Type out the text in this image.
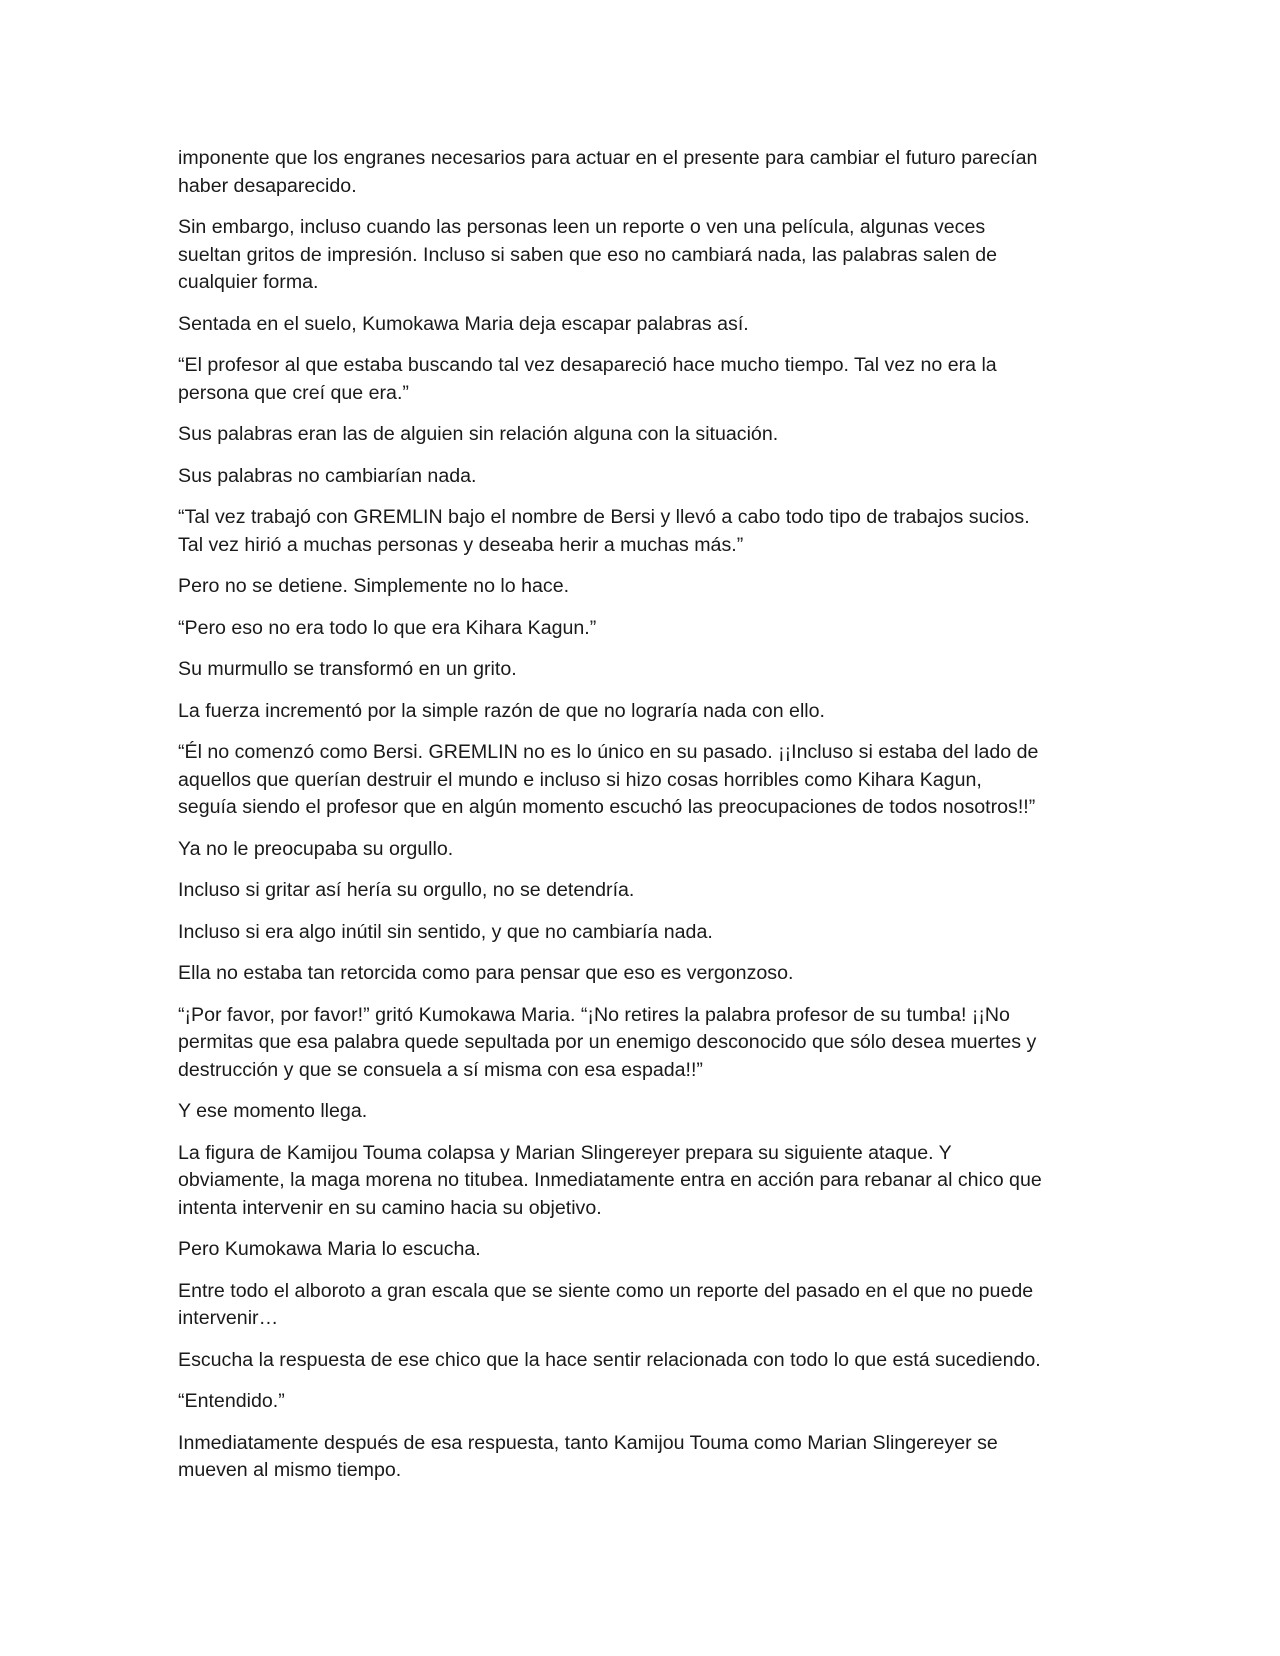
imponente que los engranes necesarios para actuar en el presente para cambiar el futuro parecían
haber desaparecido.

Sin embargo, incluso cuando las personas leen un reporte o ven una película, algunas veces
sueltan gritos de impresión. Incluso si saben que eso no cambiará nada, las palabras salen de
cualquier forma.

Sentada en el suelo, Kumokawa Maria deja escapar palabras así.

“El profesor al que estaba buscando tal vez desapareció hace mucho tiempo. Tal vez no era la
persona que creí que era.”

Sus palabras eran las de alguien sin relación alguna con la situación.

Sus palabras no cambiarían nada.

“Tal vez trabajó con GREMLIN bajo el nombre de Bersi y llevó a cabo todo tipo de trabajos sucios.
Tal vez hirió a muchas personas y deseaba herir a muchas más.”

Pero no se detiene. Simplemente no lo hace.

“Pero eso no era todo lo que era Kihara Kagun.”

Su murmullo se transformó en un grito.

La fuerza incrementó por la simple razón de que no lograría nada con ello.

“Él no comenzó como Bersi. GREMLIN no es lo único en su pasado. ¡¡Incluso si estaba del lado de
aquellos que querían destruir el mundo e incluso si hizo cosas horribles como Kihara Kagun,
seguía siendo el profesor que en algún momento escuchó las preocupaciones de todos nosotros!!”

Ya no le preocupaba su orgullo.

Incluso si gritar así hería su orgullo, no se detendría.

Incluso si era algo inútil sin sentido, y que no cambiaría nada.

Ella no estaba tan retorcida como para pensar que eso es vergonzoso.

“¡Por favor, por favor!” gritó Kumokawa Maria. “¡No retires la palabra profesor de su tumba! ¡¡No
permitas que esa palabra quede sepultada por un enemigo desconocido que sólo desea muertes y
destrucción y que se consuela a sí misma con esa espada!!”

Y ese momento llega.

La figura de Kamijou Touma colapsa y Marian Slingereyer prepara su siguiente ataque. Y
obviamente, la maga morena no titubea. Inmediatamente entra en acción para rebanar al chico que
intenta intervenir en su camino hacia su objetivo.

Pero Kumokawa Maria lo escucha.

Entre todo el alboroto a gran escala que se siente como un reporte del pasado en el que no puede
intervenir…

Escucha la respuesta de ese chico que la hace sentir relacionada con todo lo que está sucediendo.

“Entendido.”

Inmediatamente después de esa respuesta, tanto Kamijou Touma como Marian Slingereyer se
mueven al mismo tiempo.
